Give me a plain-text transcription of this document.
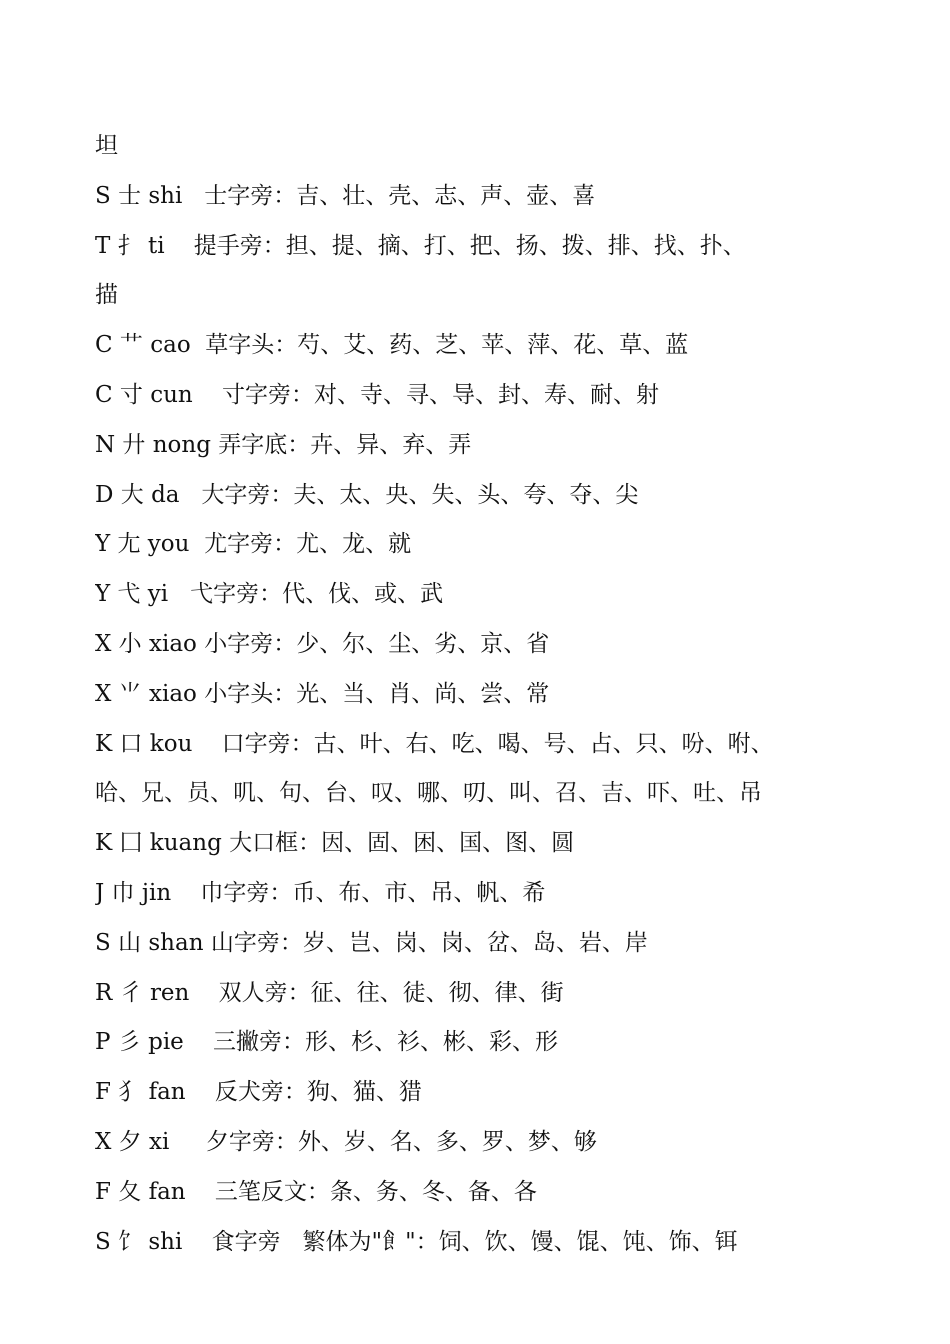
坦
S 士 shi   士字旁：吉、壮、壳、志、声、壶、喜
T 扌 ti    提手旁：担、提、摘、打、把、扬、拨、排、找、扑、
描
C 艹 cao  草字头：芍、艾、药、芝、苹、萍、花、草、蓝
C 寸 cun    寸字旁：对、寺、寻、导、封、寿、耐、射
N 廾 nong 弄字底：卉、异、弃、弄
D 大 da   大字旁：夫、太、央、失、头、夸、夺、尖
Y 尢 you  尤字旁：尤、龙、就
Y 弋 yi   弋字旁：代、伐、或、武
X 小 xiao 小字旁：少、尔、尘、劣、京、省
X ⺌ xiao 小字头：光、当、肖、尚、尝、常
K 口 kou    口字旁：古、叶、右、吃、喝、号、占、只、吩、咐、
哈、兄、员、叽、句、台、叹、哪、叨、叫、召、吉、吓、吐、吊
K 囗 kuang 大口框：因、固、困、国、图、圆
J 巾 jin    巾字旁：币、布、市、吊、帆、希
S 山 shan 山字旁：岁、岂、岗、岗、岔、岛、岩、岸
R 彳 ren    双人旁：征、往、徒、彻、律、街
P 彡 pie    三撇旁：形、杉、衫、彬、彩、形
F 犭 fan    反犬旁：狗、猫、猎
X 夕 xi     夕字旁：外、岁、名、多、罗、梦、够
F 夂 fan    三笔反文：条、务、冬、备、各
S 饣 shi    食字旁   繁体为"飠"：饲、饮、馒、馄、饨、饰、铒
